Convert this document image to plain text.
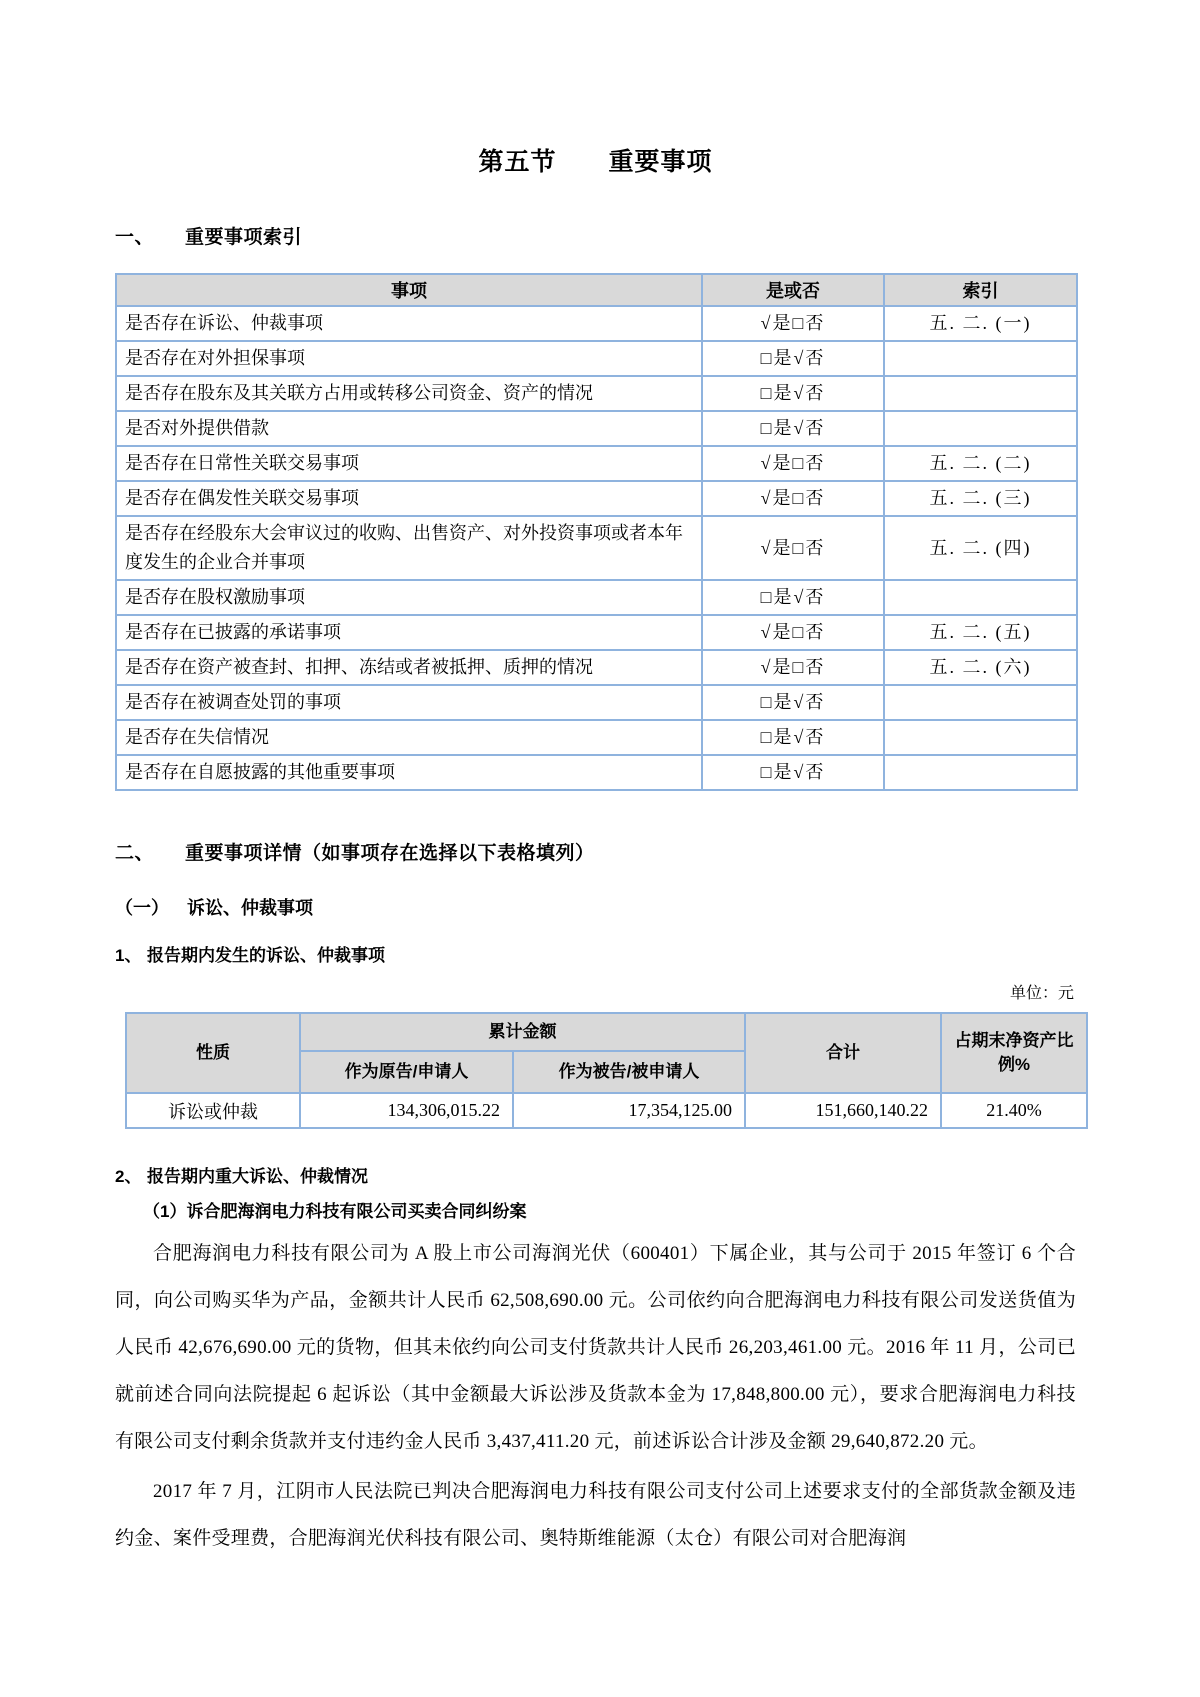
第五节　　重要事项
一、 重要事项索引
事项	是或否	索引
是否存在诉讼、仲裁事项	√是□否	五. 二. (一)
是否存在对外担保事项	□是√否	
是否存在股东及其关联方占用或转移公司资金、资产的情况	□是√否	
是否对外提供借款	□是√否	
是否存在日常性关联交易事项	√是□否	五. 二. (二)
是否存在偶发性关联交易事项	√是□否	五. 二. (三)
是否存在经股东大会审议过的收购、出售资产、对外投资事项或者本年度发生的企业合并事项	√是□否	五. 二. (四)
是否存在股权激励事项	□是√否	
是否存在已披露的承诺事项	√是□否	五. 二. (五)
是否存在资产被查封、扣押、冻结或者被抵押、质押的情况	√是□否	五. 二. (六)
是否存在被调查处罚的事项	□是√否	
是否存在失信情况	□是√否	
是否存在自愿披露的其他重要事项	□是√否	
二、 重要事项详情（如事项存在选择以下表格填列）
（一） 诉讼、仲裁事项
1、 报告期内发生的诉讼、仲裁事项
单位：元
性质	累计金额		合计	占期末净资产比例%
	作为原告/申请人	作为被告/被申请人		
诉讼或仲裁	134,306,015.22	17,354,125.00	151,660,140.22	21.40%
2、 报告期内重大诉讼、仲裁情况
（1）诉合肥海润电力科技有限公司买卖合同纠纷案

合肥海润电力科技有限公司为 A 股上市公司海润光伏（600401）下属企业，其与公司于 2015 年签订 6 个合同，向公司购买华为产品，金额共计人民币 62,508,690.00 元。公司依约向合肥海润电力科技有限公司发送货值为人民币 42,676,690.00 元的货物，但其未依约向公司支付货款共计人民币 26,203,461.00 元。2016 年 11 月，公司已就前述合同向法院提起 6 起诉讼（其中金额最大诉讼涉及货款本金为 17,848,800.00 元），要求合肥海润电力科技有限公司支付剩余货款并支付违约金人民币 3,437,411.20 元，前述诉讼合计涉及金额 29,640,872.20 元。

2017 年 7 月，江阴市人民法院已判决合肥海润电力科技有限公司支付公司上述要求支付的全部货款金额及违约金、案件受理费，合肥海润光伏科技有限公司、奥特斯维能源（太仓）有限公司对合肥海润
